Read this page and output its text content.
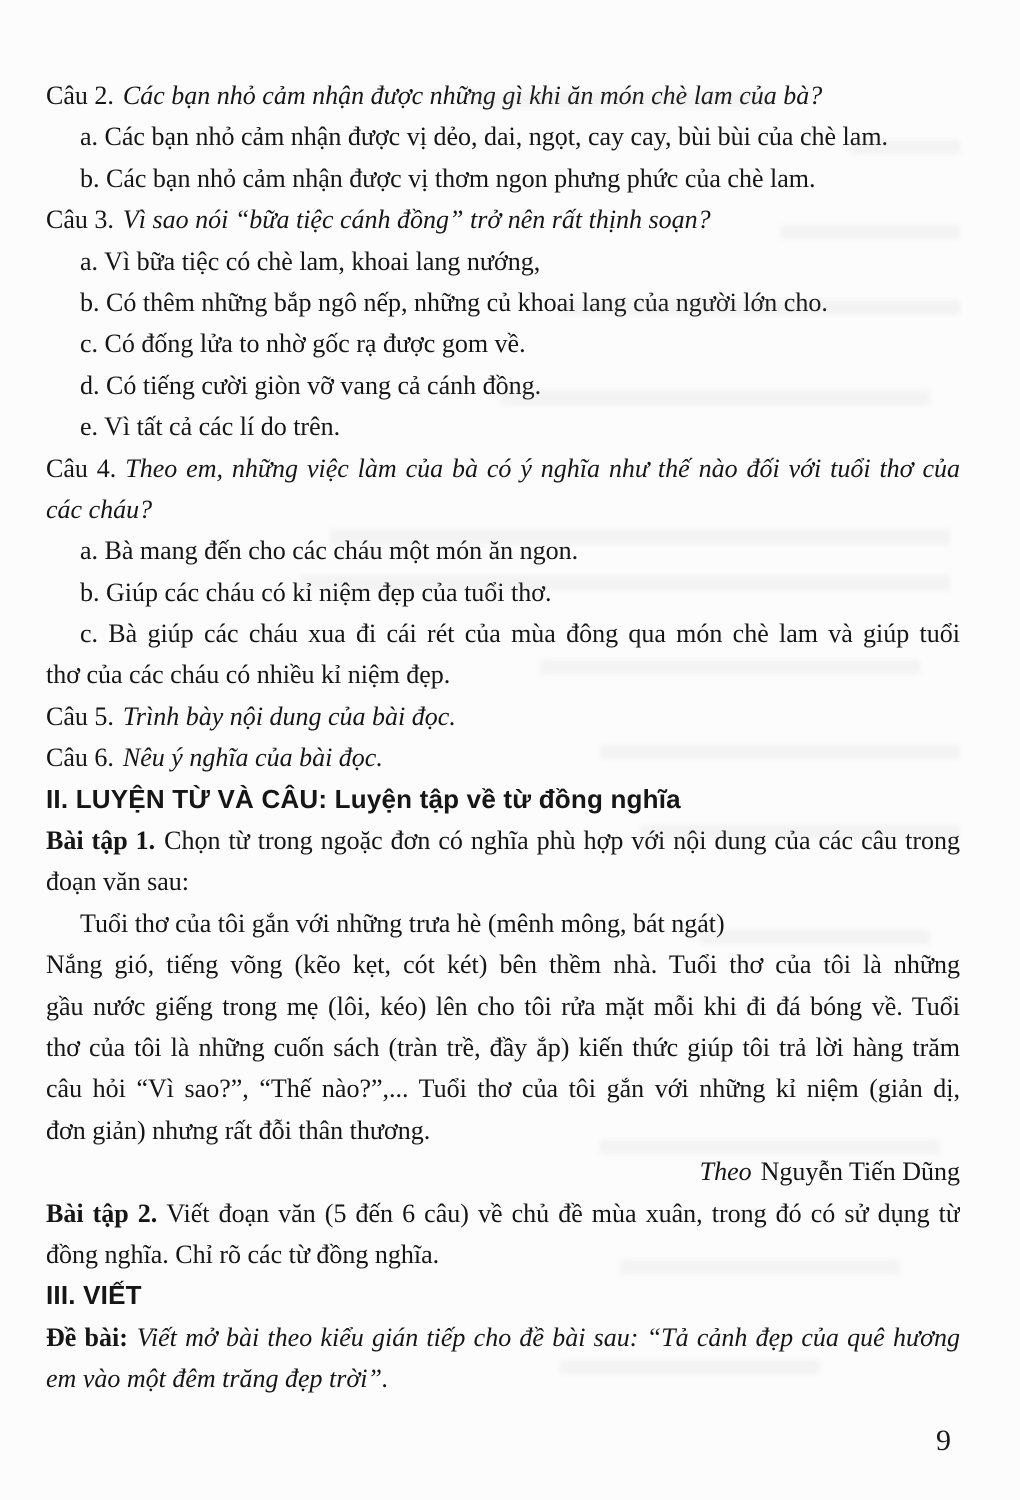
Câu 2. Các bạn nhỏ cảm nhận được những gì khi ăn món chè lam của bà?
a. Các bạn nhỏ cảm nhận được vị dẻo, dai, ngọt, cay cay, bùi bùi của chè lam.
b. Các bạn nhỏ cảm nhận được vị thơm ngon phưng phức của chè lam.
Câu 3. Vì sao nói “bữa tiệc cánh đồng” trở nên rất thịnh soạn?
a. Vì bữa tiệc có chè lam, khoai lang nướng,
b. Có thêm những bắp ngô nếp, những củ khoai lang của người lớn cho.
c. Có đống lửa to nhờ gốc rạ được gom về.
d. Có tiếng cười giòn vỡ vang cả cánh đồng.
e. Vì tất cả các lí do trên.
Câu 4. Theo em, những việc làm của bà có ý nghĩa như thế nào đối với tuổi thơ của
các cháu?
a. Bà mang đến cho các cháu một món ăn ngon.
b. Giúp các cháu có kỉ niệm đẹp của tuổi thơ.
c. Bà giúp các cháu xua đi cái rét của mùa đông qua món chè lam và giúp tuổi
thơ của các cháu có nhiều kỉ niệm đẹp.
Câu 5. Trình bày nội dung của bài đọc.
Câu 6. Nêu ý nghĩa của bài đọc.
II. LUYỆN TỪ VÀ CÂU: Luyện tập về từ đồng nghĩa
Bài tập 1. Chọn từ trong ngoặc đơn có nghĩa phù hợp với nội dung của các câu trong
đoạn văn sau:
Tuổi thơ của tôi gắn với những trưa hè (mênh mông, bát ngát)
Nắng gió, tiếng võng (kẽo kẹt, cót két) bên thềm nhà. Tuổi thơ của tôi là những
gầu nước giếng trong mẹ (lôi, kéo) lên cho tôi rửa mặt mỗi khi đi đá bóng về. Tuổi
thơ của tôi là những cuốn sách (tràn trề, đầy ắp) kiến thức giúp tôi trả lời hàng trăm
câu hỏi “Vì sao?”, “Thế nào?”,... Tuổi thơ của tôi gắn với những kỉ niệm (giản dị,
đơn giản) nhưng rất đỗi thân thương.
Theo Nguyễn Tiến Dũng
Bài tập 2. Viết đoạn văn (5 đến 6 câu) về chủ đề mùa xuân, trong đó có sử dụng từ
đồng nghĩa. Chỉ rõ các từ đồng nghĩa.
III. VIẾT
Đề bài: Viết mở bài theo kiểu gián tiếp cho đề bài sau: “Tả cảnh đẹp của quê hương
em vào một đêm trăng đẹp trời”.
9
